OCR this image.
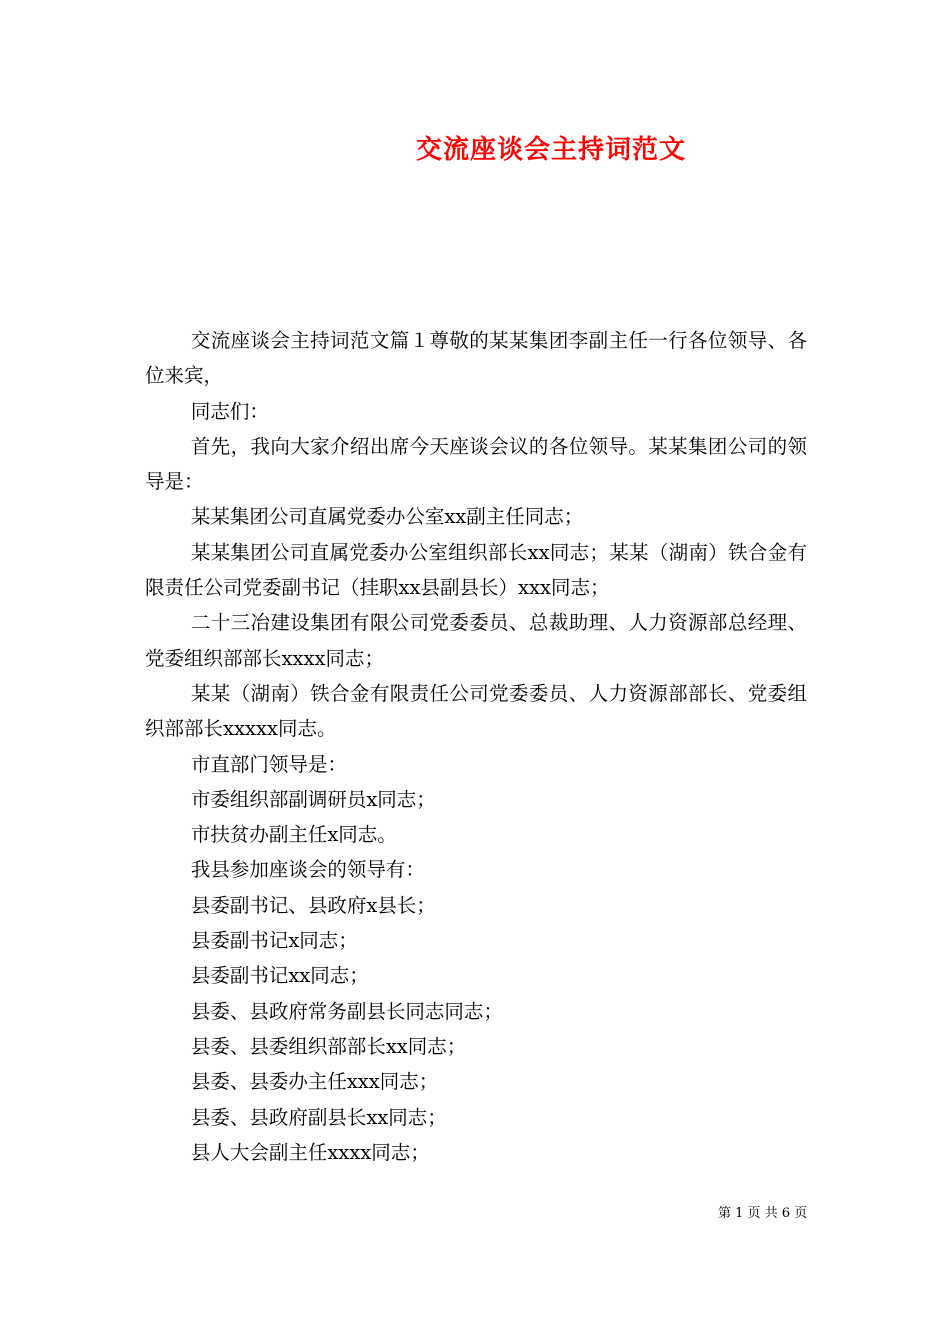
交流座谈会主持词范文

交流座谈会主持词范文篇１尊敬的某某集团李副主任一行各位领导、各位来宾，

同志们：

首先，我向大家介绍出席今天座谈会议的各位领导。某某集团公司的领导是：

某某集团公司直属党委办公室xx副主任同志；

某某集团公司直属党委办公室组织部长xx同志；某某（湖南）铁合金有限责任公司党委副书记（挂职xx县副县长）xxx同志；

二十三冶建设集团有限公司党委委员、总裁助理、人力资源部总经理、党委组织部部长xxxx同志；

某某（湖南）铁合金有限责任公司党委委员、人力资源部部长、党委组织部部长xxxxx同志。

市直部门领导是：

市委组织部副调研员x同志；

市扶贫办副主任x同志。

我县参加座谈会的领导有：

县委副书记、县政府x县长；

县委副书记x同志；

县委副书记xx同志；

县委、县政府常务副县长同志同志；

县委、县委组织部部长xx同志；

县委、县委办主任xxx同志；

县委、县政府副县长xx同志；

县人大会副主任xxxx同志；

第 1 页 共 6 页
